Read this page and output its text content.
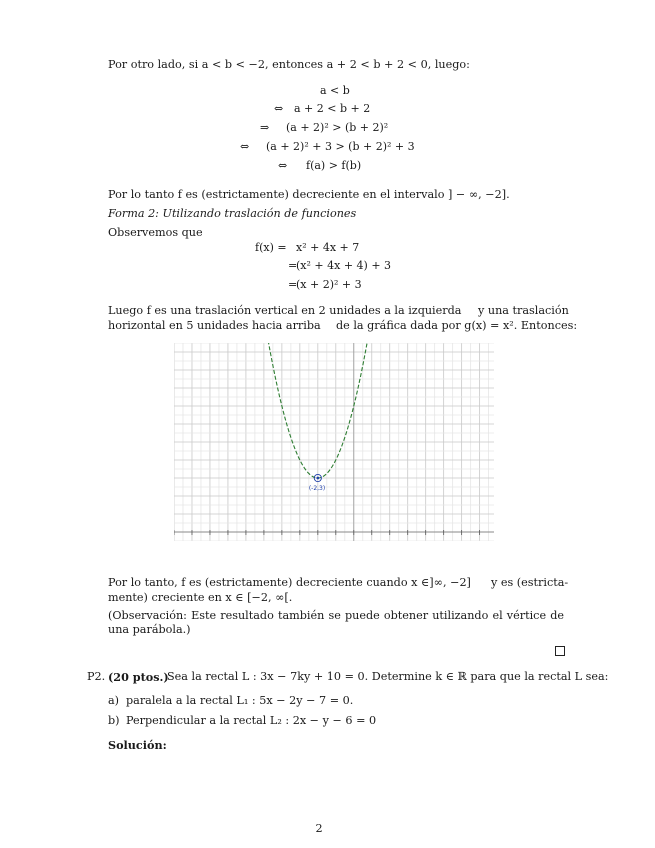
Por otro lado, si a < b < −2, entonces a + 2 < b + 2 < 0, luego:
a < b
⇔ a + 2 < b + 2
⇒ (a + 2)² > (b + 2)²
⇔ (a + 2)² + 3 > (b + 2)² + 3
⇔ f(a) > f(b)
Por lo tanto f es (estrictamente) decreciente en el intervalo ] − ∞, −2].
Forma 2: Utilizando traslación de funciones
Observemos que
f(x) = x² + 4x + 7
=
(x² + 4x + 4) + 3
=
(x + 2)² + 3
Luego f es una traslación vertical en 2 unidades a la izquierda y una traslación
horizontal en 5 unidades hacia arriba de la gráfica dada por g(x) = x². Entonces:
(-2,3)
Por lo tanto, f es (estrictamente) decreciente cuando x ∈]∞, −2] y es (estricta-
mente) creciente en x ∈ [−2, ∞[.
(Observación: Este resultado también se puede obtener utilizando el vértice de una parábola.)
P2. (20 ptos.)
Sea la rectal L : 3x − 7ky + 10 = 0. Determine k ∈ ℝ para que la rectal L sea:
a) paralela a la rectal L₁ : 5x − 2y − 7 = 0.
b) Perpendicular a la rectal L₂ : 2x − y − 6 = 0
Solución:
2
